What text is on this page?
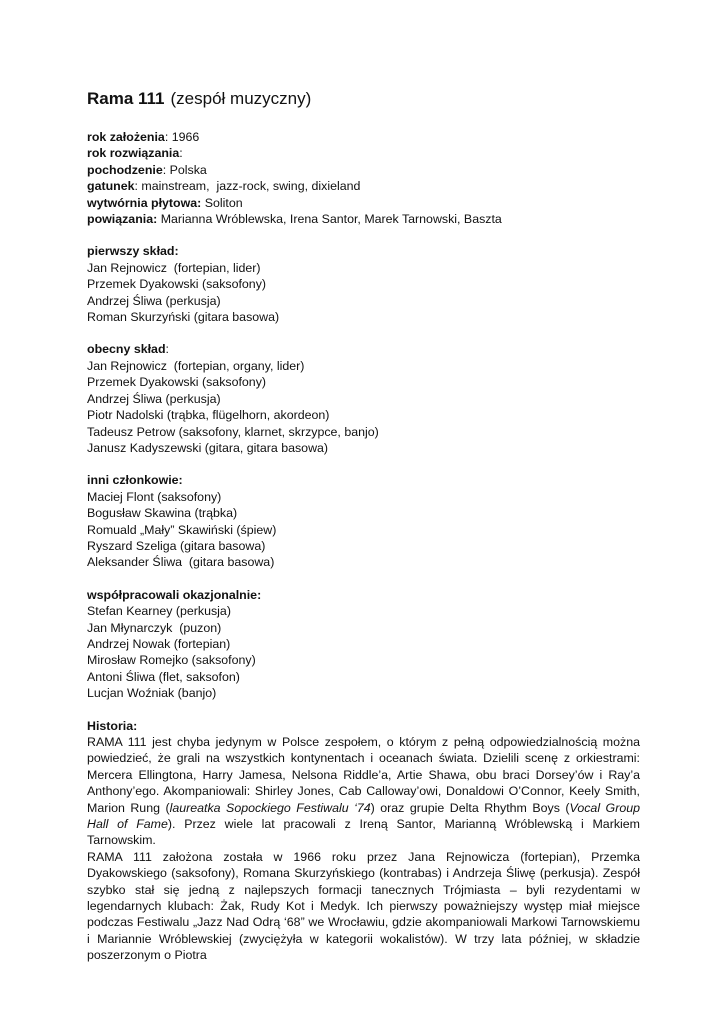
Rama 111 (zespół muzyczny)
rok założenia: 1966
rok rozwiązania:
pochodzenie: Polska
gatunek: mainstream,  jazz-rock, swing, dixieland
wytwórnia płytowa: Soliton
powiązania: Marianna Wróblewska, Irena Santor, Marek Tarnowski, Baszta
pierwszy skład:
Jan Rejnowicz  (fortepian, lider)
Przemek Dyakowski (saksofony)
Andrzej Śliwa (perkusja)
Roman Skurzyński (gitara basowa)
obecny skład:
Jan Rejnowicz  (fortepian, organy, lider)
Przemek Dyakowski (saksofony)
Andrzej Śliwa (perkusja)
Piotr Nadolski (trąbka, flügelhorn, akordeon)
Tadeusz Petrow (saksofony, klarnet, skrzypce, banjo)
Janusz Kadyszewski (gitara, gitara basowa)
inni członkowie:
Maciej Flont (saksofony)
Bogusław Skawina (trąbka)
Romuald „Mały” Skawiński (śpiew)
Ryszard Szeliga (gitara basowa)
Aleksander Śliwa  (gitara basowa)
współpracowali okazjonalnie:
Stefan Kearney (perkusja)
Jan Młynarczyk  (puzon)
Andrzej Nowak (fortepian)
Mirosław Romejko (saksofony)
Antoni Śliwa (flet, saksofon)
Lucjan Woźniak (banjo)
Historia:

RAMA 111 jest chyba jedynym w Polsce zespołem, o którym z pełną odpowiedzialnością można powiedzieć, że grali na wszystkich kontynentach i oceanach świata. Dzielili scenę z orkiestrami: Mercera Ellingtona, Harry Jamesa, Nelsona Riddle’a, Artie Shawa, obu braci Dorsey’ów i Ray’a Anthony’ego. Akompaniowali: Shirley Jones, Cab Calloway’owi, Donaldowi O’Connor, Keely Smith, Marion Rung (laureatka Sopockiego Festiwalu ‘74) oraz grupie Delta Rhythm Boys (Vocal Group Hall of Fame). Przez wiele lat pracowali z Ireną Santor, Marianną Wróblewską i Markiem Tarnowskim.

RAMA 111 założona została w 1966 roku przez Jana Rejnowicza (fortepian), Przemka Dyakowskiego (saksofony), Romana Skurzyńskiego (kontrabas) i Andrzeja Śliwę (perkusja). Zespół szybko stał się jedną z najlepszych formacji tanecznych Trójmiasta – byli rezydentami w legendarnych klubach: Żak, Rudy Kot i Medyk. Ich pierwszy poważniejszy występ miał miejsce podczas Festiwalu „Jazz Nad Odrą ‘68” we Wrocławiu, gdzie akompaniowali Markowi Tarnowskiemu i Mariannie Wróblewskiej (zwyciężyła w kategorii wokalistów). W trzy lata później, w składzie poszerzonym o Piotra
